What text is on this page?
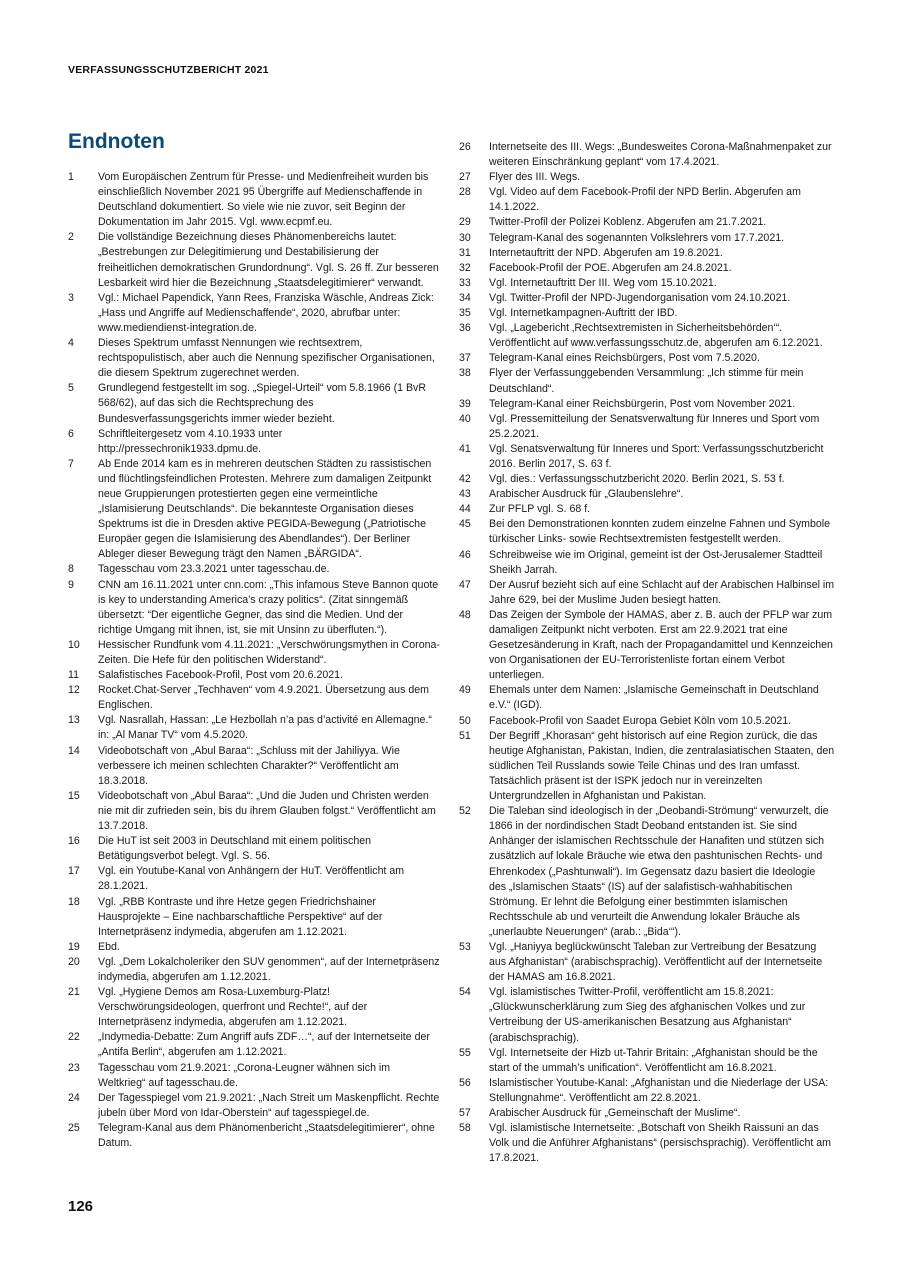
VERFASSUNGSSCHUTZBERICHT 2021
Endnoten
1	Vom Europäischen Zentrum für Presse- und Medienfreiheit wurden bis einschließlich November 2021 95 Übergriffe auf Medienschaffende in Deutschland dokumentiert. So viele wie nie zuvor, seit Beginn der Dokumentation im Jahr 2015. Vgl. www.ecpmf.eu.
2	Die vollständige Bezeichnung dieses Phänomenbereichs lautet: „Bestrebungen zur Delegitimierung und Destabilisierung der freiheitlichen demokratischen Grundordnung“. Vgl. S. 26 ff. Zur besseren Lesbarkeit wird hier die Bezeichnung „Staatsdelegitimierer“ verwandt.
3	Vgl.: Michael Papendick, Yann Rees, Franziska Wäschle, Andreas Zick: „Hass und Angriffe auf Medienschaffende“, 2020, abrufbar unter: www.mediendienst-integration.de.
4	Dieses Spektrum umfasst Nennungen wie rechtsextrem, rechtspopulistisch, aber auch die Nennung spezifischer Organisationen, die diesem Spektrum zugerechnet werden.
5	Grundlegend festgestellt im sog. „Spiegel-Urteil“ vom 5.8.1966 (1 BvR 568/62), auf das sich die Rechtsprechung des Bundesverfassungsgerichts immer wieder bezieht.
6	Schriftleitergesetz vom 4.10.1933 unter http://pressechronik1933.dpmu.de.
7	Ab Ende 2014 kam es in mehreren deutschen Städten zu rassistischen und flüchtlingsfeindlichen Protesten. Mehrere zum damaligen Zeitpunkt neue Gruppierungen protestierten gegen eine vermeintliche „Islamisierung Deutschlands“. Die bekannteste Organisation dieses Spektrums ist die in Dresden aktive PEGIDA-Bewegung („Patriotische Europäer gegen die Islamisierung des Abendlandes“). Der Berliner Ableger dieser Bewegung trägt den Namen „BÄRGIDA“.
8	Tagesschau vom 23.3.2021 unter tagesschau.de.
9	CNN am 16.11.2021 unter cnn.com: „This infamous Steve Bannon quote is key to understanding America’s crazy politics“. (Zitat sinngemäß übersetzt: “Der eigentliche Gegner, das sind die Medien. Und der richtige Umgang mit ihnen, ist, sie mit Unsinn zu überfluten.“).
10	Hessischer Rundfunk vom 4.11.2021: „Verschwörungsmythen in Corona-Zeiten. Die Hefe für den politischen Widerstand“.
11	Salafistisches Facebook-Profil, Post vom 20.6.2021.
12	Rocket.Chat-Server „Techhaven“ vom 4.9.2021. Übersetzung aus dem Englischen.
13	Vgl. Nasrallah, Hassan: „Le Hezbollah n’a pas d’activité en Allemagne.“ in: „Al Manar TV“ vom 4.5.2020.
14	Videobotschaft von „Abul Baraa“: „Schluss mit der Jahiliyya. Wie verbessere ich meinen schlechten Charakter?“ Veröffentlicht am 18.3.2018.
15	Videobotschaft von „Abul Baraa“: „Und die Juden und Christen werden nie mit dir zufrieden sein, bis du ihrem Glauben folgst.“ Veröffentlicht am 13.7.2018.
16	Die HuT ist seit 2003 in Deutschland mit einem politischen Betätigungsverbot belegt. Vgl. S. 56.
17	Vgl. ein Youtube-Kanal von Anhängern der HuT. Veröffentlicht am 28.1.2021.
18	Vgl. „RBB Kontraste und ihre Hetze gegen Friedrichshainer Hausprojekte – Eine nachbarschaftliche Perspektive“ auf der Internetpräsenz indymedia, abgerufen am 1.12.2021.
19	Ebd.
20	Vgl. „Dem Lokalcholeriker den SUV genommen“, auf der Internetpräsenz indymedia, abgerufen am 1.12.2021.
21	Vgl. „Hygiene Demos am Rosa-Luxemburg-Platz! Verschwörungsideologen, querfront und Rechte!“, auf der Internetpräsenz indymedia, abgerufen am 1.12.2021.
22	„Indymedia-Debatte: Zum Angriff aufs ZDF…“, auf der Internetseite der „Antifa Berlin“, abgerufen am 1.12.2021.
23	Tagesschau vom 21.9.2021: „Corona-Leugner wähnen sich im Weltkrieg“ auf tagesschau.de.
24	Der Tagesspiegel vom 21.9.2021: „Nach Streit um Maskenpflicht. Rechte jubeln über Mord von Idar-Oberstein“ auf tagesspiegel.de.
25	Telegram-Kanal aus dem Phänomenbericht „Staatsdelegitimierer“, ohne Datum.
26	Internetseite des III. Wegs: „Bundesweites Corona-Maßnahmenpaket zur weiteren Einschränkung geplant“ vom 17.4.2021.
27	Flyer des III. Wegs.
28	Vgl. Video auf dem Facebook-Profil der NPD Berlin. Abgerufen am 14.1.2022.
29	Twitter-Profil der Polizei Koblenz. Abgerufen am 21.7.2021.
30	Telegram-Kanal des sogenannten Volkslehrers vom 17.7.2021.
31	Internetauftritt der NPD. Abgerufen am 19.8.2021.
32	Facebook-Profil der POE. Abgerufen am 24.8.2021.
33	Vgl. Internetauftritt Der III. Weg vom 15.10.2021.
34	Vgl. Twitter-Profil der NPD-Jugendorganisation vom 24.10.2021.
35	Vgl. Internetkampagnen-Auftritt der IBD.
36	Vgl. „Lagebericht ‚Rechtsextremisten in Sicherheitsbehörden‘“. Veröffentlicht auf www.verfassungsschutz.de, abgerufen am 6.12.2021.
37	Telegram-Kanal eines Reichsbürgers, Post vom 7.5.2020.
38	Flyer der Verfassunggebenden Versammlung: „Ich stimme für mein Deutschland“.
39	Telegram-Kanal einer Reichsbürgerin, Post vom November 2021.
40	Vgl. Pressemitteilung der Senatsverwaltung für Inneres und Sport vom 25.2.2021.
41	Vgl. Senatsverwaltung für Inneres und Sport: Verfassungsschutzbericht 2016. Berlin 2017, S. 63 f.
42	Vgl. dies.: Verfassungsschutzbericht 2020. Berlin 2021, S. 53 f.
43	Arabischer Ausdruck für „Glaubenslehre“.
44	Zur PFLP vgl. S. 68 f.
45	Bei den Demonstrationen konnten zudem einzelne Fahnen und Symbole türkischer Links- sowie Rechtsextremisten festgestellt werden.
46	Schreibweise wie im Original, gemeint ist der Ost-Jerusalemer Stadtteil Sheikh Jarrah.
47	Der Ausruf bezieht sich auf eine Schlacht auf der Arabischen Halbinsel im Jahre 629, bei der Muslime Juden besiegt hatten.
48	Das Zeigen der Symbole der HAMAS, aber z. B. auch der PFLP war zum damaligen Zeitpunkt nicht verboten. Erst am 22.9.2021 trat eine Gesetzesänderung in Kraft, nach der Propagandamittel und Kennzeichen von Organisationen der EU-Terroristenliste fortan einem Verbot unterliegen.
49	Ehemals unter dem Namen: „Islamische Gemeinschaft in Deutschland e.V.“ (IGD).
50	Facebook-Profil von Saadet Europa Gebiet Köln vom 10.5.2021.
51	Der Begriff „Khorasan“ geht historisch auf eine Region zurück, die das heutige Afghanistan, Pakistan, Indien, die zentralasiatischen Staaten, den südlichen Teil Russlands sowie Teile Chinas und des Iran umfasst. Tatsächlich präsent ist der ISPK jedoch nur in vereinzelten Untergrundzellen in Afghanistan und Pakistan.
52	Die Taleban sind ideologisch in der „Deobandi-Strömung“ verwurzelt, die 1866 in der nordindischen Stadt Deoband entstanden ist. Sie sind Anhänger der islamischen Rechtsschule der Hanafiten und stützen sich zusätzlich auf lokale Bräuche wie etwa den pashtunischen Rechts- und Ehrenkodex („Pashtunwali“). Im Gegensatz dazu basiert die Ideologie des „Islamischen Staats“ (IS) auf der salafistisch-wahhabitischen Strömung. Er lehnt die Befolgung einer bestimmten islamischen Rechtsschule ab und verurteilt die Anwendung lokaler Bräuche als „unerlaubte Neuerungen“ (arab.: „Bida‘“).
53	Vgl. „Haniyya beglückwünscht Taleban zur Vertreibung der Besatzung aus Afghanistan“ (arabischsprachig). Veröffentlicht auf der Internetseite der HAMAS am 16.8.2021.
54	Vgl. islamistisches Twitter-Profil, veröffentlicht am 15.8.2021: „Glückwunscherklärung zum Sieg des afghanischen Volkes und zur Vertreibung der US-amerikanischen Besatzung aus Afghanistan“ (arabischsprachig).
55	Vgl. Internetseite der Hizb ut-Tahrir Britain: „Afghanistan should be the start of the ummah’s unification“. Veröffentlicht am 16.8.2021.
56	Islamistischer Youtube-Kanal: „Afghanistan und die Niederlage der USA: Stellungnahme“. Veröffentlicht am 22.8.2021.
57	Arabischer Ausdruck für „Gemeinschaft der Muslime“.
58	Vgl. islamistische Internetseite: „Botschaft von Sheikh Raissuni an das Volk und die Anführer Afghanistans“ (persischsprachig). Veröffentlicht am 17.8.2021.
126
